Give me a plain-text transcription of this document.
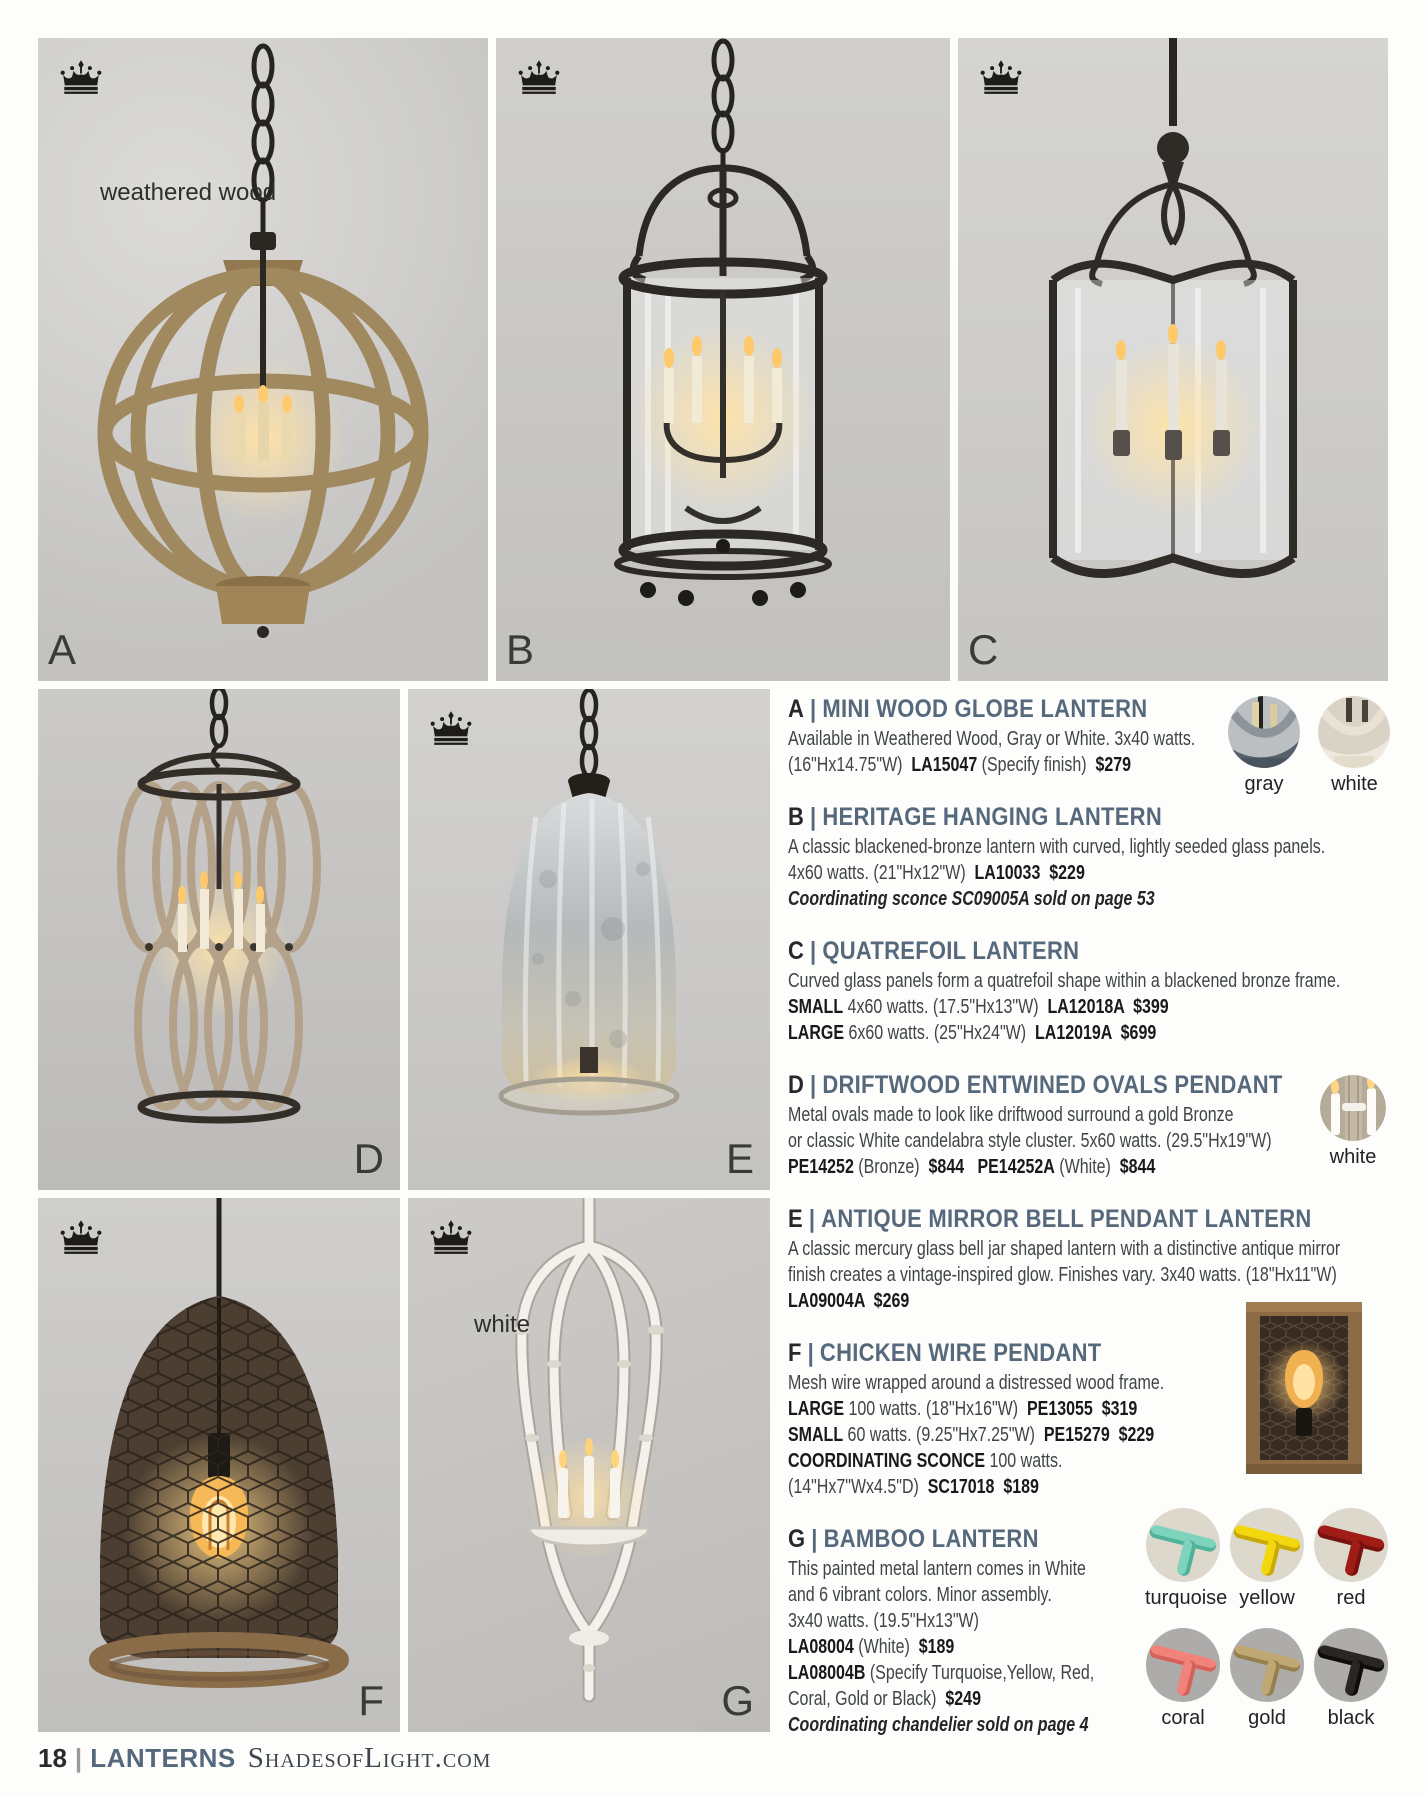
weathered wood
A	B	C
D	E
F
white
G
A | MINI WOOD GLOBE LANTERN
Available in Weathered Wood, Gray or White. 3x40 watts.
(16"Hx14.75"W)  LA15047 (Specify finish)  $279
B | HERITAGE HANGING LANTERN
A classic blackened-bronze lantern with curved, lightly seeded glass panels.
4x60 watts. (21"Hx12"W)  LA10033  $229
Coordinating sconce SC09005A sold on page 53
C | QUATREFOIL LANTERN
Curved glass panels form a quatrefoil shape within a blackened bronze frame.
SMALL 4x60 watts. (17.5"Hx13"W)  LA12018A  $399
LARGE 6x60 watts. (25"Hx24"W)  LA12019A  $699
D | DRIFTWOOD ENTWINED OVALS PENDANT
Metal ovals made to look like driftwood surround a gold Bronze
or classic White candelabra style cluster. 5x60 watts. (29.5"Hx19"W)
PE14252 (Bronze)  $844 PE14252A (White)  $844
E | ANTIQUE MIRROR BELL PENDANT LANTERN
A classic mercury glass bell jar shaped lantern with a distinctive antique mirror
finish creates a vintage-inspired glow. Finishes vary. 3x40 watts. (18"Hx11"W)
LA09004A  $269
F | CHICKEN WIRE PENDANT
Mesh wire wrapped around a distressed wood frame.
LARGE 100 watts. (18"Hx16"W)  PE13055  $319
SMALL 60 watts. (9.25"Hx7.25"W)  PE15279  $229
COORDINATING SCONCE 100 watts.
(14"Hx7"Wx4.5"D)  SC17018  $189
G | BAMBOO LANTERN
This painted metal lantern comes in White
and 6 vibrant colors. Minor assembly.
3x40 watts. (19.5"Hx13"W)
LA08004 (White)  $189
LA08004B (Specify Turquoise,Yellow, Red,
Coral, Gold or Black)  $249
Coordinating chandelier sold on page 4
gray
	white
white
turquoise yellow	red
coral	gold	black
18 | LANTERNS ShadesofLight.com
